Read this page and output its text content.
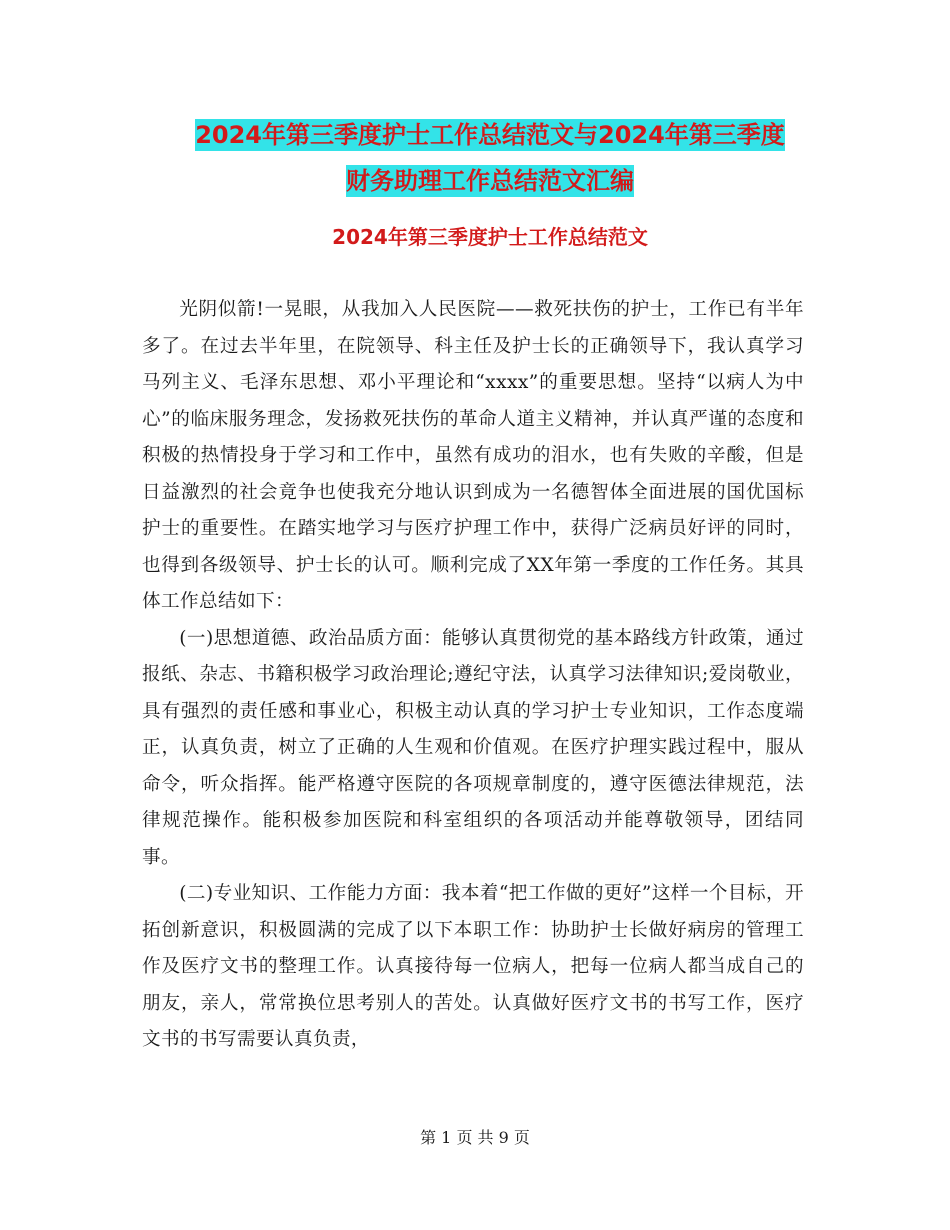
2024年第三季度护士工作总结范文与2024年第三季度
财务助理工作总结范文汇编
2024年第三季度护士工作总结范文

光阴似箭!一晃眼，从我加入人民医院——救死扶伤的护士，工作已有半年多了。在过去半年里，在院领导、科主任及护士长的正确领导下，我认真学习马列主义、毛泽东思想、邓小平理论和“xxxx”的重要思想。坚持“以病人为中心”的临床服务理念，发扬救死扶伤的革命人道主义精神，并认真严谨的态度和积极的热情投身于学习和工作中，虽然有成功的泪水，也有失败的辛酸，但是日益激烈的社会竟争也使我充分地认识到成为一名德智体全面进展的国优国标护士的重要性。在踏实地学习与医疗护理工作中，获得广泛病员好评的同时，也得到各级领导、护士长的认可。顺利完成了XX年第一季度的工作任务。其具体工作总结如下：

(一)思想道德、政治品质方面：能够认真贯彻党的基本路线方针政策，通过报纸、杂志、书籍积极学习政治理论;遵纪守法，认真学习法律知识;爱岗敬业，具有强烈的责任感和事业心，积极主动认真的学习护士专业知识，工作态度端正，认真负责，树立了正确的人生观和价值观。在医疗护理实践过程中，服从命令，听众指挥。能严格遵守医院的各项规章制度的，遵守医德法律规范，法律规范操作。能积极参加医院和科室组织的各项活动并能尊敬领导，团结同事。

(二)专业知识、工作能力方面：我本着“把工作做的更好”这样一个目标，开拓创新意识，积极圆满的完成了以下本职工作：协助护士长做好病房的管理工作及医疗文书的整理工作。认真接待每一位病人，把每一位病人都当成自己的朋友，亲人，常常换位思考别人的苦处。认真做好医疗文书的书写工作，医疗文书的书写需要认真负责，

第 1 页 共 9 页
